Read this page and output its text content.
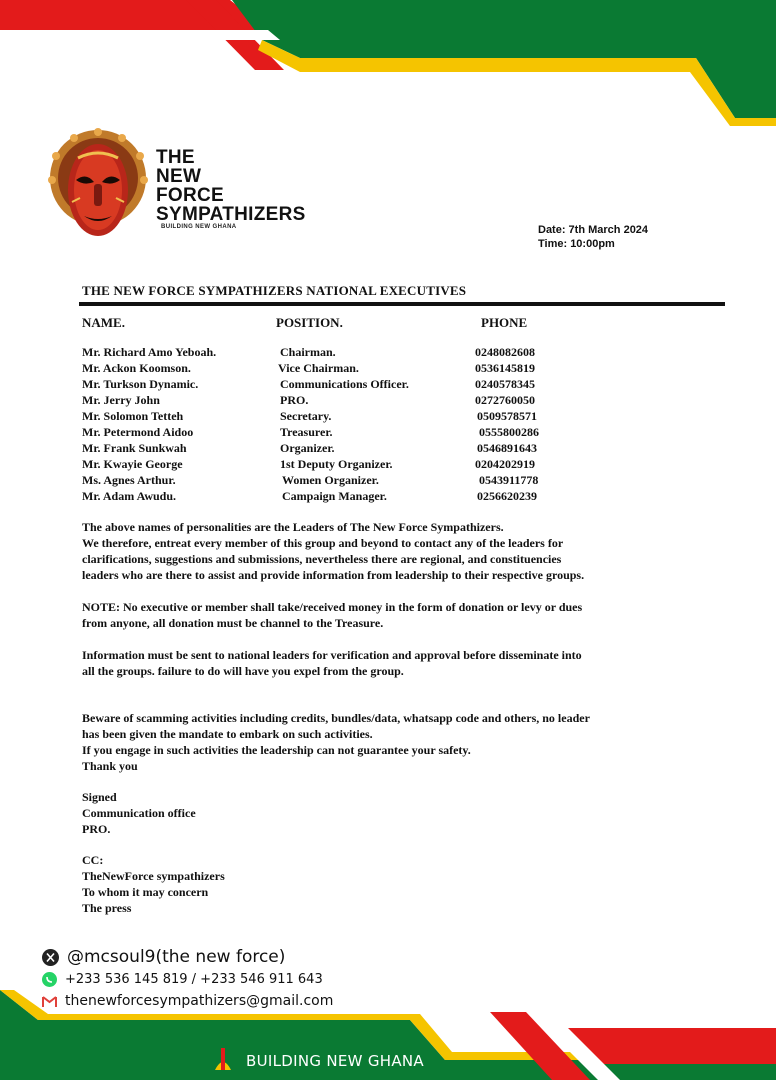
THE
NEW
FORCE
SYMPATHIZERS
BUILDING NEW GHANA	Date: 7th March 2024
Time: 10:00pm
THE NEW FORCE SYMPATHIZERS NATIONAL EXECUTIVES
NAME.	POSITION.	PHONE
Mr. Richard Amo Yeboah.	Chairman.	0248082608
Mr. Ackon Koomson.	Vice Chairman.	0536145819
Mr. Turkson Dynamic.	Communications Officer.	0240578345
Mr. Jerry John	PRO.	0272760050
Mr. Solomon Tetteh	Secretary.	0509578571
Mr. Petermond Aidoo	Treasurer.	0555800286
Mr. Frank Sunkwah	Organizer.	0546891643
Mr. Kwayie George	1st Deputy Organizer.	0204202919
Ms. Agnes Arthur.	Women Organizer.	0543911778
Mr. Adam Awudu.	Campaign Manager.	0256620239

The above names of personalities are the Leaders of The New Force Sympathizers.

We therefore, entreat every member of this group and beyond to contact any of the leaders for

clarifications, suggestions and submissions, nevertheless there are regional, and constituencies

leaders who are there to assist and provide information from leadership to their respective groups.

NOTE: No executive or member shall take/received money in the form of donation or levy or dues

from anyone, all donation must be channel to the Treasure.

Information must be sent to national leaders for verification and approval before disseminate into

all the groups. failure to do will have you expel from the group.

Beware of scamming activities including credits, bundles/data, whatsapp code and others, no leader

has been given the mandate to embark on such activities.

If you engage in such activities the leadership can not guarantee your safety.

Thank you

Signed

Communication office

PRO.

CC:

TheNewForce sympathizers

To whom it may concern

The press

@mcsoul9(the new force)
+233 536 145 819 / +233 546 911 643
thenewforcesympathizers@gmail.com
BUILDING NEW GHANA
